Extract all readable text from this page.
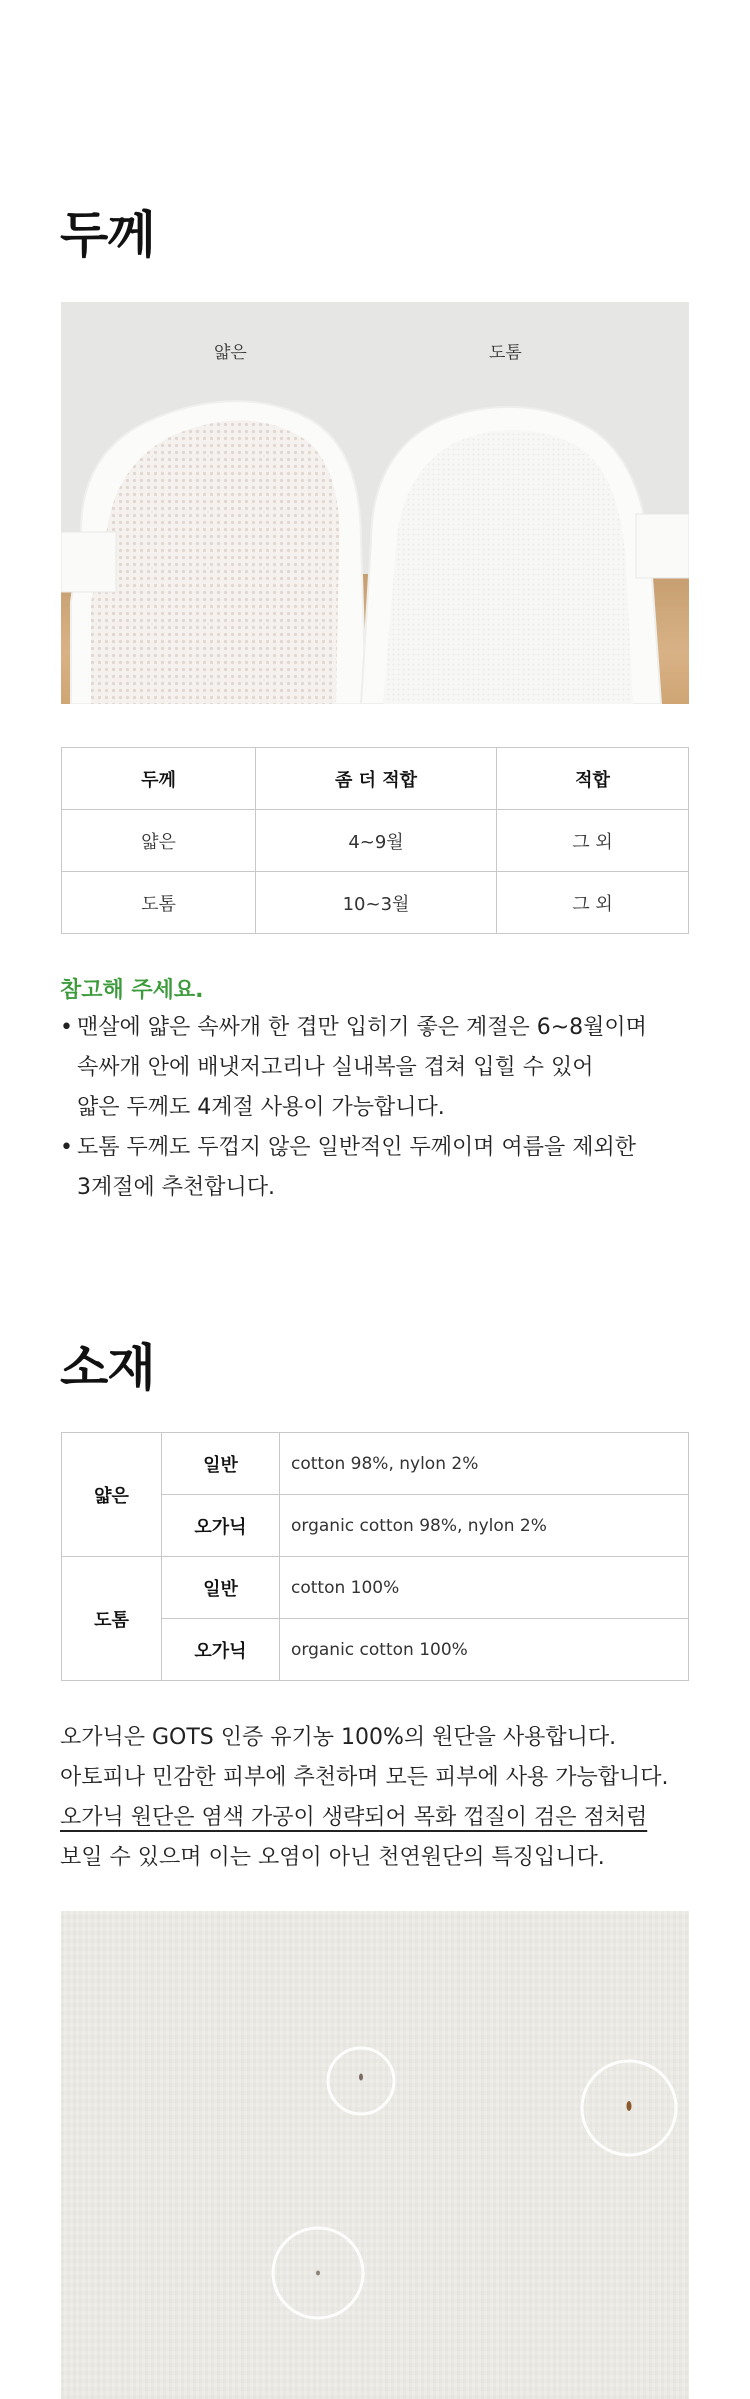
두께
얇은	도톰
두께	좀 더 적합	적합
얇은	4~9월	그 외
도톰	10~3월	그 외
참고해 주세요.
• 맨살에 얇은 속싸개 한 겹만 입히기 좋은 계절은 6~8월이며
속싸개 안에 배냇저고리나 실내복을 겹쳐 입힐 수 있어
얇은 두께도 4계절 사용이 가능합니다.
• 도톰 두께도 두껍지 않은 일반적인 두께이며 여름을 제외한
3계절에 추천합니다.
소재
얇은	일반	cotton 98%, nylon 2%
	오가닉	organic cotton 98%, nylon 2%
도톰	일반	cotton 100%
	오가닉	organic cotton 100%
오가닉은 GOTS 인증 유기농 100%의 원단을 사용합니다.
아토피나 민감한 피부에 추천하며 모든 피부에 사용 가능합니다.
오가닉 원단은 염색 가공이 생략되어 목화 껍질이 검은 점처럼
보일 수 있으며 이는 오염이 아닌 천연원단의 특징입니다.
